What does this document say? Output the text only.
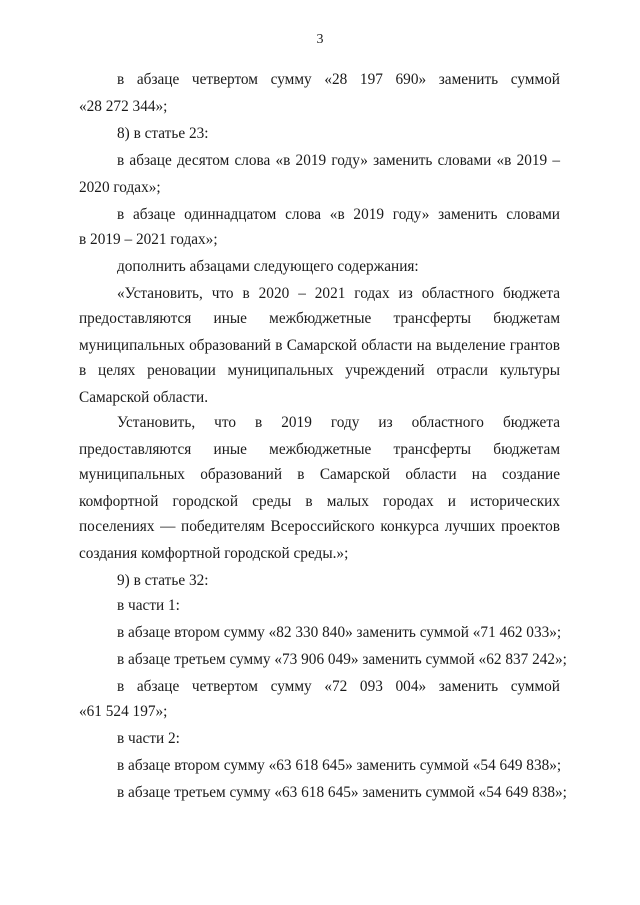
3
в абзаце четвертом сумму «28 197 690» заменить суммой
«28 272 344»;
8) в статье 23:
в абзаце десятом слова «в 2019 году» заменить словами «в 2019 –
2020 годах»;
в абзаце одиннадцатом слова «в 2019 году» заменить словами
в 2019 – 2021 годах»;
дополнить абзацами следующего содержания:
«Установить, что в 2020 – 2021 годах из областного бюджета
предоставляются иные межбюджетные трансферты бюджетам
муниципальных образований в Самарской области на выделение грантов
в целях реновации муниципальных учреждений отрасли культуры
Самарской области.
Установить, что в 2019 году из областного бюджета
предоставляются иные межбюджетные трансферты бюджетам
муниципальных образований в Самарской области на создание
комфортной городской среды в малых городах и исторических
поселениях — победителям Всероссийского конкурса лучших проектов
создания комфортной городской среды.»;
9) в статье 32:
в части 1:
в абзаце втором сумму «82 330 840» заменить суммой «71 462 033»;
в абзаце третьем сумму «73 906 049» заменить суммой «62 837 242»;
в абзаце четвертом сумму «72 093 004» заменить суммой
«61 524 197»;
в части 2:
в абзаце втором сумму «63 618 645» заменить суммой «54 649 838»;
в абзаце третьем сумму «63 618 645» заменить суммой «54 649 838»;
